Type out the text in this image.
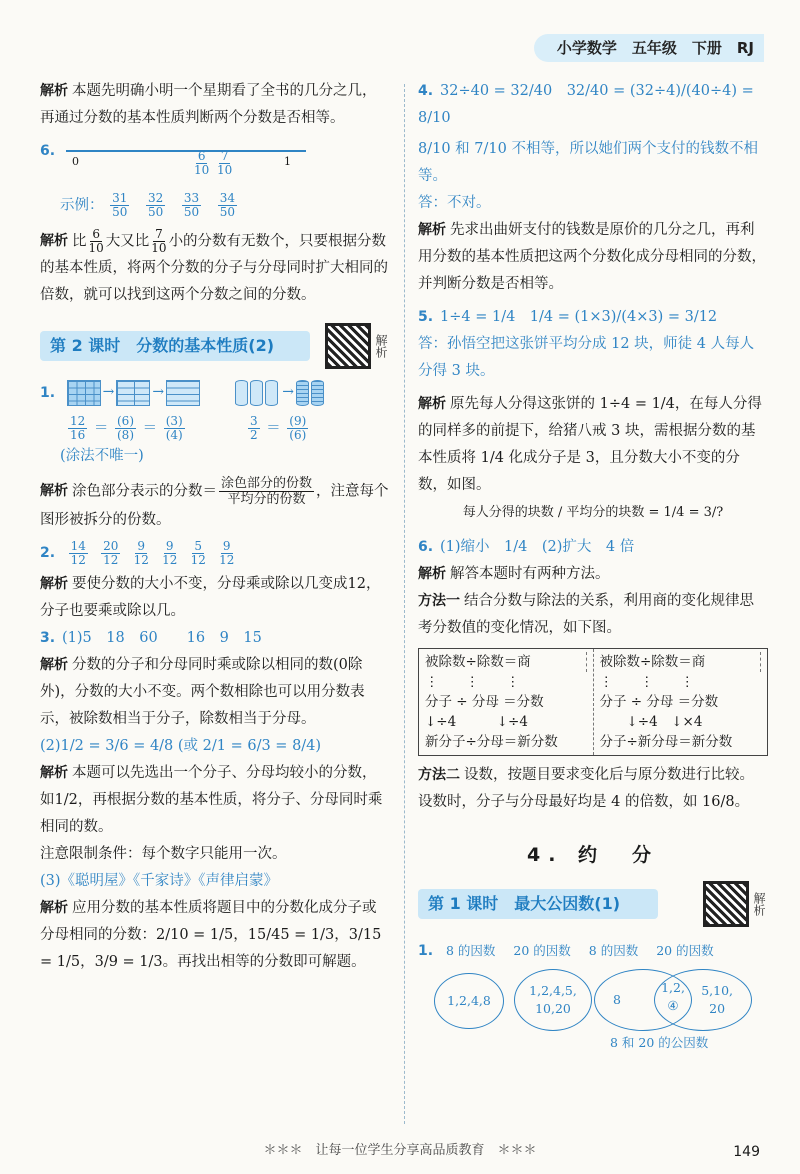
小学数学　五年级　下册　RJ

解析 本题先明确小明一个星期看了全书的几分之几，再通过分数的基本性质判断两个分数是否相等。

6.
0	$\frac{6}{10} \frac{7}{10}$	1
示例： $\frac{31}{50}$
$\frac{32}{50}$
$\frac{33}{50}$
$\frac{34}{50}$

解析 比 $\frac{6}{10}$ 大又比 $\frac{7}{10}$ 小的分数有无数个，只要根据分数的基本性质，将两个分数的分子与分母同时扩大相同的倍数，就可以找到这两个分数之间的分数。

第 2 课时　分数的基本性质(2)	解析
1.	→	→	→
$\frac{12}{16} = \frac{(6)}{(8)} = \frac{(3)}{(4)}$
	$\frac{3}{2} = \frac{(9)}{(6)}$

(涂法不唯一)

解析 涂色部分表示的分数＝ $\frac{\text{涂色部分的份数}}{\text{平均分的份数}}$ ，注意每个图形被拆分的份数。

2. $\frac{14}{12}$
$\frac{20}{12}$
$\frac{9}{12}$
$\frac{9}{12}$
$\frac{5}{12}$
$\frac{9}{12}$

解析 要使分数的大小不变，分母乘或除以几变成12，分子也要乘或除以几。

3. (1)5　18　60　　16　9　15

解析 分数的分子和分母同时乘或除以相同的数(0除外)，分数的大小不变。两个数相除也可以用分数表示，被除数相当于分子，除数相当于分母。

(2)1/2 = 3/6 = 4/8 (或 2/1 = 6/3 = 8/4)

解析 本题可以先选出一个分子、分母均较小的分数，如1/2，再根据分数的基本性质，将分子、分母同时乘相同的数。

注意限制条件：每个数字只能用一次。

(3)《聪明屋》《千家诗》《声律启蒙》

解析 应用分数的基本性质将题目中的分数化成分子或分母相同的分数：2/10 = 1/5，15/45 = 1/3，3/15 = 1/5，3/9 = 1/3。再找出相等的分数即可解题。

4. 32÷40 = 32/40　32/40 = (32÷4)/(40÷4) = 8/10

8/10 和 7/10 不相等，所以她们两个支付的钱数不相等。

答：不对。

解析 先求出曲妍支付的钱数是原价的几分之几，再利用分数的基本性质把这两个分数化成分母相同的分数，并判断分数是否相等。

5. 1÷4 = 1/4　1/4 = (1×3)/(4×3) = 3/12

答：孙悟空把这张饼平均分成 12 块，师徒 4 人每人分得 3 块。

解析 原先每人分得这张饼的 1÷4 = 1/4，在每人分得的同样多的前提下，给猪八戒 3 块，需根据分数的基本性质将 1/4 化成分子是 3，且分数大小不变的分数，如图。

每人分得的块数 / 平均分的块数 = 1/4 = 3/?

6. (1)缩小　1/4　(2)扩大　4 倍

解析 解答本题时有两种方法。

方法一 结合分数与除法的关系，利用商的变化规律思考分数值的变化情况，如下图。

被除数÷除数＝商
⋮　　⋮　　⋮
分子 ÷ 分母 ＝分数
↓÷4　　　↓÷4
新分子÷分母＝新分数
被除数÷除数＝商
⋮　　⋮　　⋮
分子 ÷ 分母 ＝分数
　　↓÷4　↓×4
分子÷新分母＝新分数

方法二 设数，按题目要求变化后与原分数进行比较。设数时，分子与分母最好均是 4 的倍数，如 16/8。

4. 约　分
第 1 课时　最大公因数(1)	解析
1. 8 的因数 20 的因数 8 的因数 20 的因数
1,2,4,8
1,2,4,5,
10,20
8
5,10,
20
1,2,
④
8 和 20 的公因数
＊＊＊　让每一位学生分享高品质教育　＊＊＊	149
